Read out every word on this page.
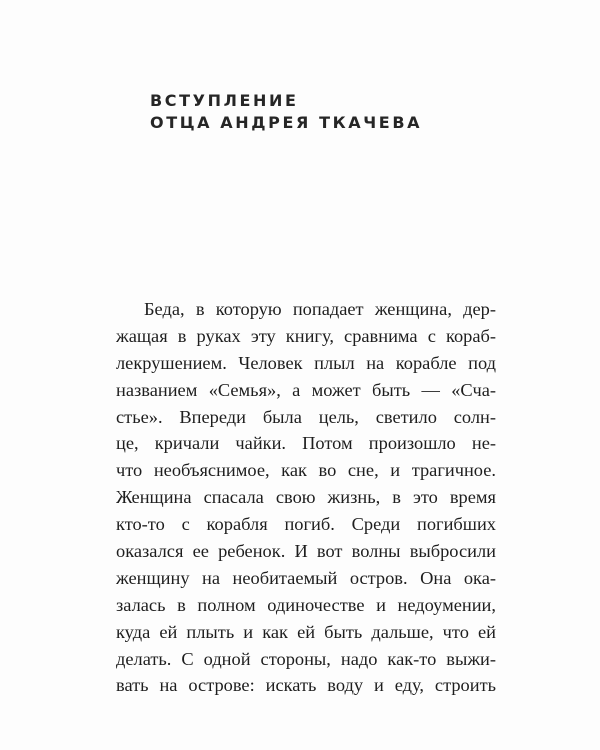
ВСТУПЛЕНИЕ
ОТЦА АНДРЕЯ ТКАЧЕВА
Беда, в которую попадает женщина, дер-
жащая в руках эту книгу, сравнима с кораб-
лекрушением. Человек плыл на корабле под
названием «Семья», а может быть — «Сча-
стье». Впереди была цель, светило солн-
це, кричали чайки. Потом произошло не-
что необъяснимое, как во сне, и трагичное.
Женщина спасала свою жизнь, в это время
кто-то с корабля погиб. Среди погибших
оказался ее ребенок. И вот волны выбросили
женщину на необитаемый остров. Она ока-
залась в полном одиночестве и недоумении,
куда ей плыть и как ей быть дальше, что ей
делать. С одной стороны, надо как-то выжи-
вать на острове: искать воду и еду, строить
